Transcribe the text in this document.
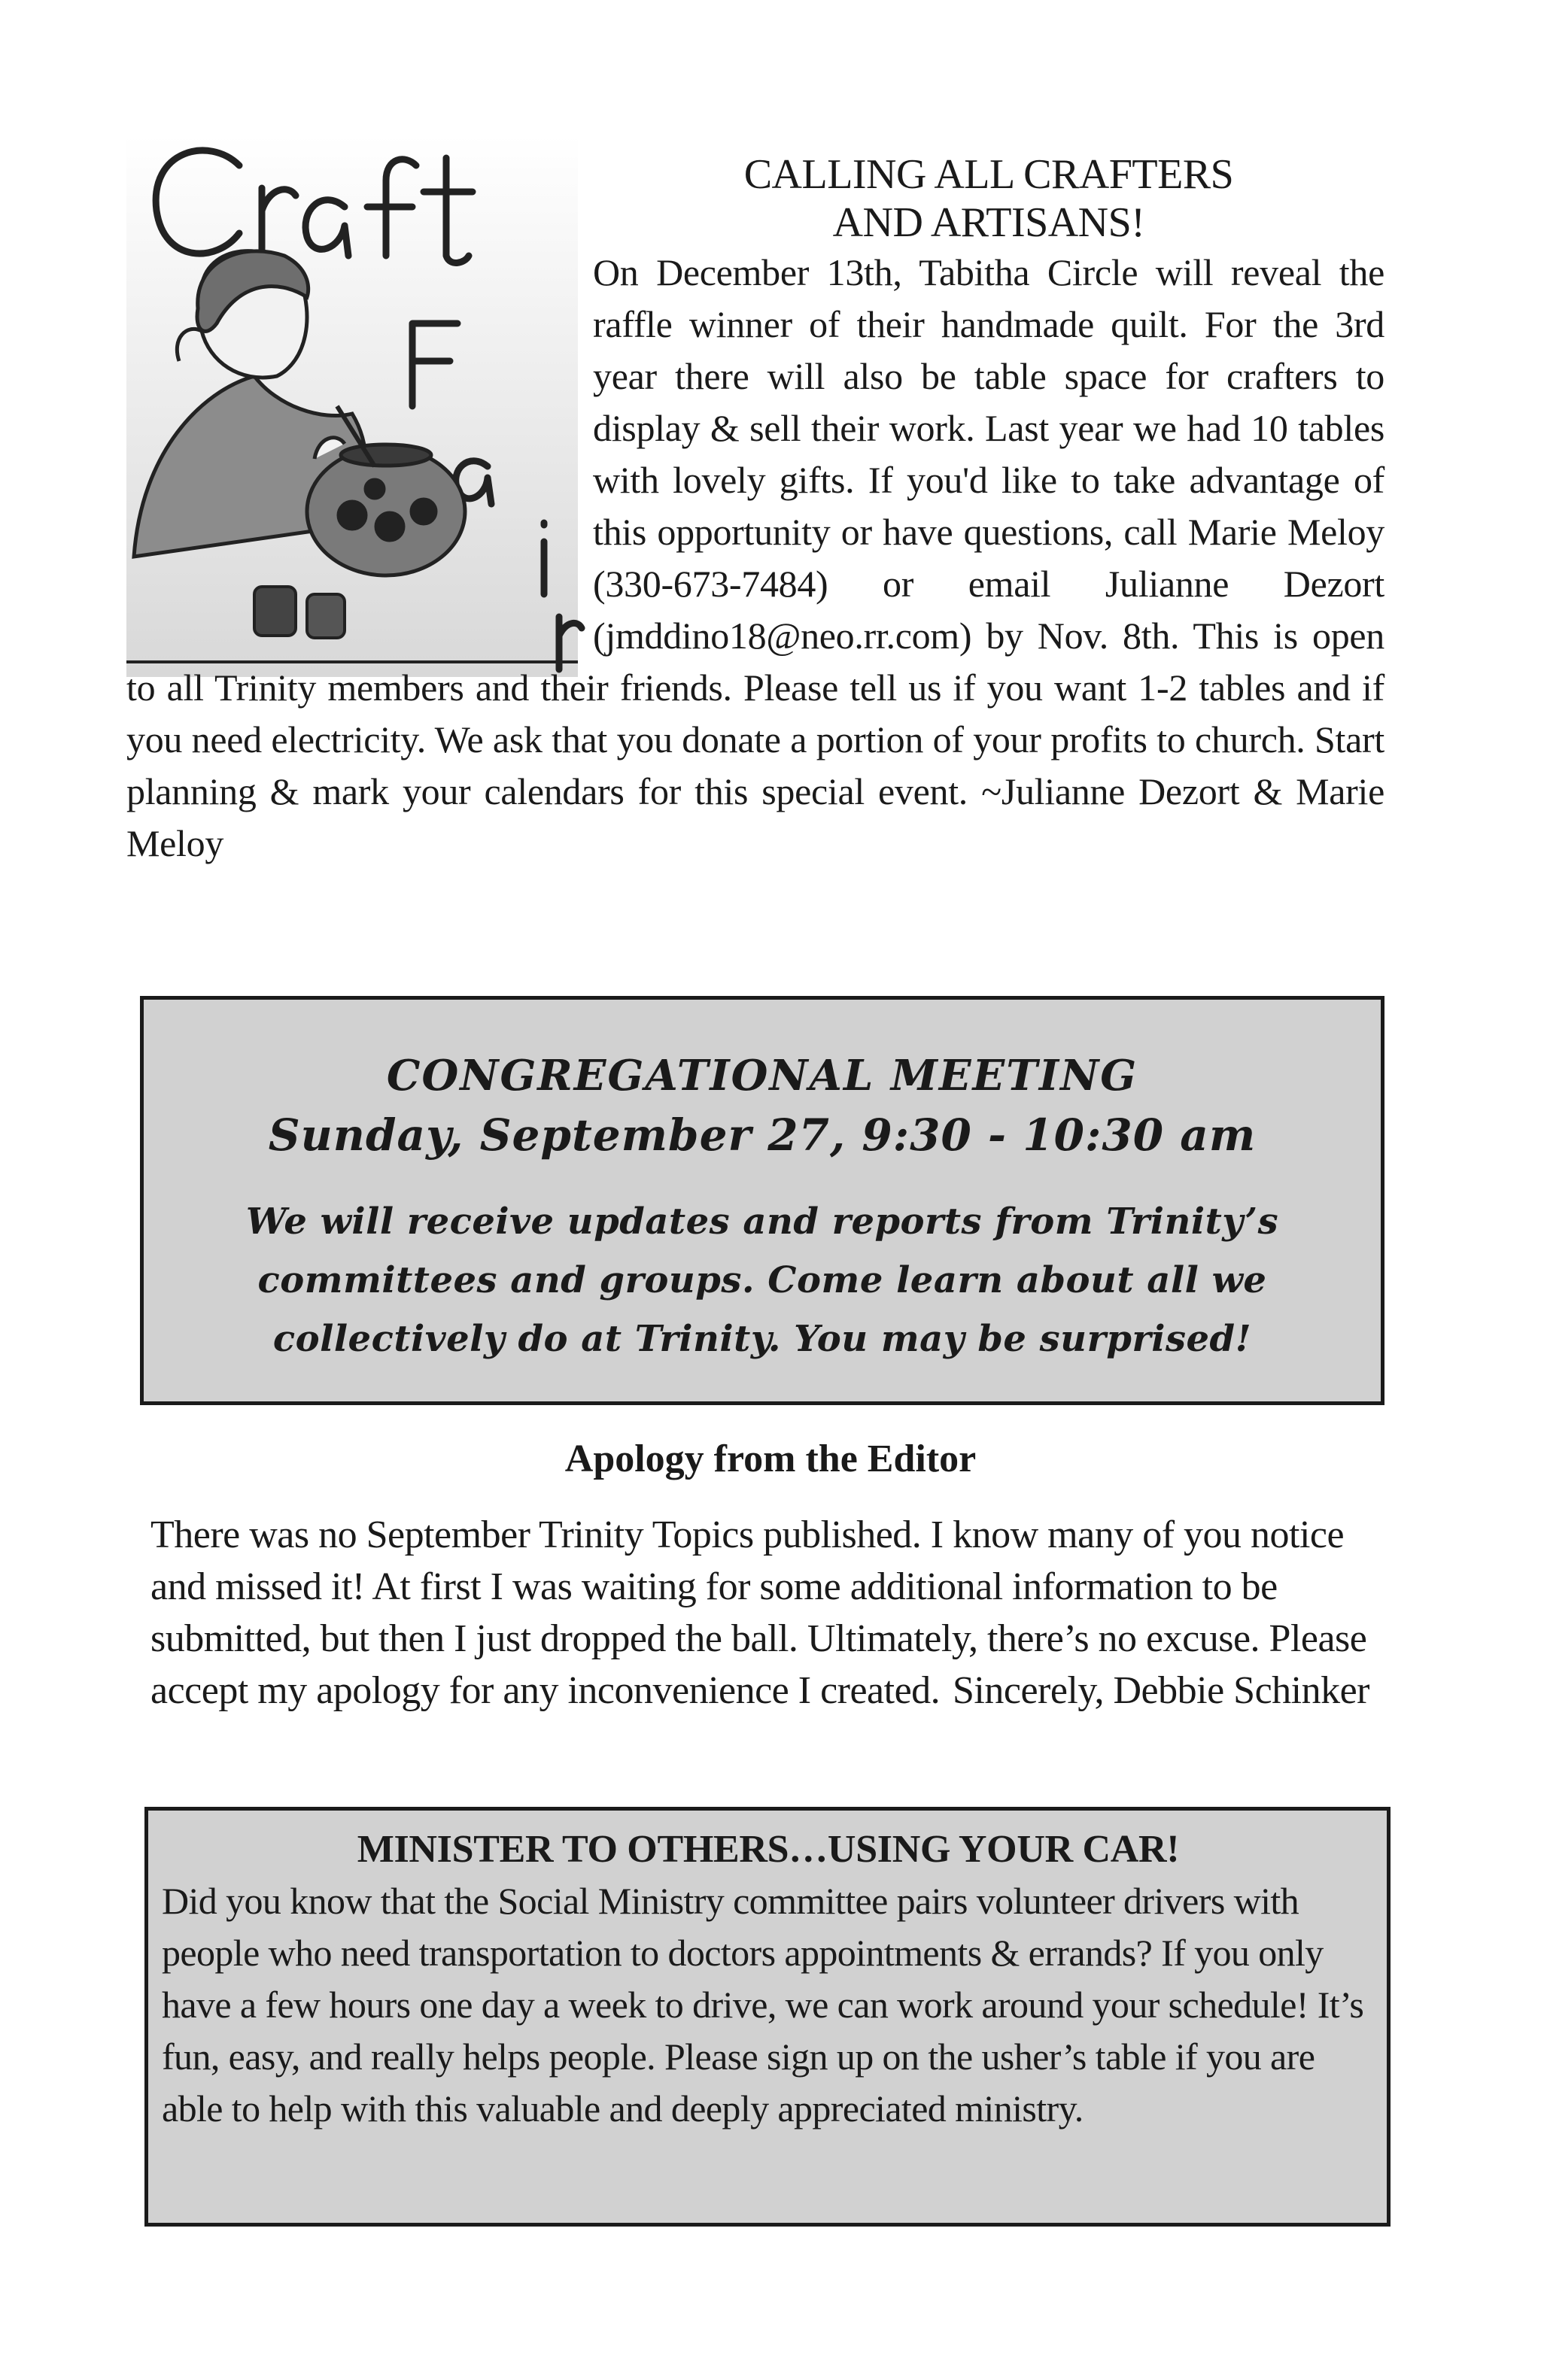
CALLING ALL CRAFTERS
AND ARTISANS!
On December 13th, Tabitha Circle will reveal the raffle winner of their handmade quilt. For the 3rd year there will also be table space for crafters to display & sell their work. Last year we had 10 tables with lovely gifts. If you'd like to take advantage of this opportunity or have questions, call Marie Meloy (330-673-7484) or email Julianne Dezort (jmddino18@neo.rr.com) by Nov. 8th. This is open to all Trinity members and their friends. Please tell us if you want 1-2 tables and if you need electricity. We ask that you donate a portion of your profits to church. Start planning & mark your calendars for this special event. ~Julianne Dezort & Marie Meloy
CONGREGATIONAL MEETING
Sunday, September 27, 9:30 - 10:30 am
We will receive updates and reports from Trinity’s committees and groups. Come learn about all we collectively do at Trinity. You may be surprised!
Apology from the Editor
There was no September Trinity Topics published. I know many of you notice and missed it! At first I was waiting for some additional information to be submitted, but then I just dropped the ball. Ultimately, there’s no excuse. Please accept my apology for any inconvenience I created. Sincerely, Debbie Schinker
MINISTER TO OTHERS…USING YOUR CAR!
Did you know that the Social Ministry committee pairs volunteer drivers with people who need transportation to doctors appointments & errands? If you only have a few hours one day a week to drive, we can work around your schedule! It’s fun, easy, and really helps people. Please sign up on the usher’s table if you are able to help with this valuable and deeply appreciated ministry.
